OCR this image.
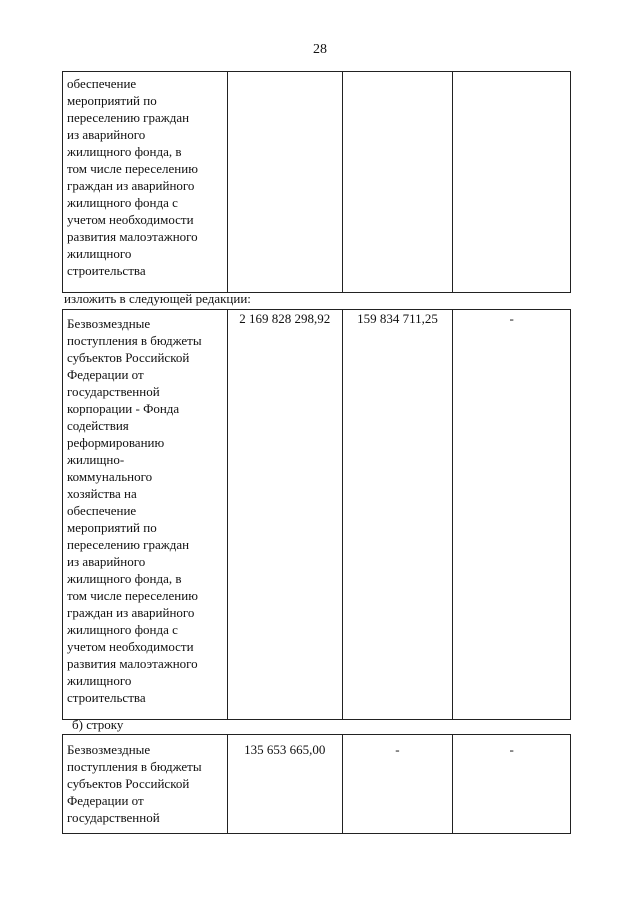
28
обеспечение
мероприятий по
переселению граждан
из аварийного
жилищного фонда, в
том числе переселению
граждан из аварийного
жилищного фонда с
учетом необходимости
развития малоэтажного
жилищного
строительства			
изложить в следующей редакции:
Безвозмездные
поступления в бюджеты
субъектов Российской
Федерации от
государственной
корпорации - Фонда
содействия
реформированию
жилищно-
коммунального
хозяйства на
обеспечение
мероприятий по
переселению граждан
из аварийного
жилищного фонда, в
том числе переселению
граждан из аварийного
жилищного фонда с
учетом необходимости
развития малоэтажного
жилищного
строительства	2 169 828 298,92	159 834 711,25	-
б) строку
Безвозмездные
поступления в бюджеты
субъектов Российской
Федерации от
государственной	135 653 665,00	-	-
